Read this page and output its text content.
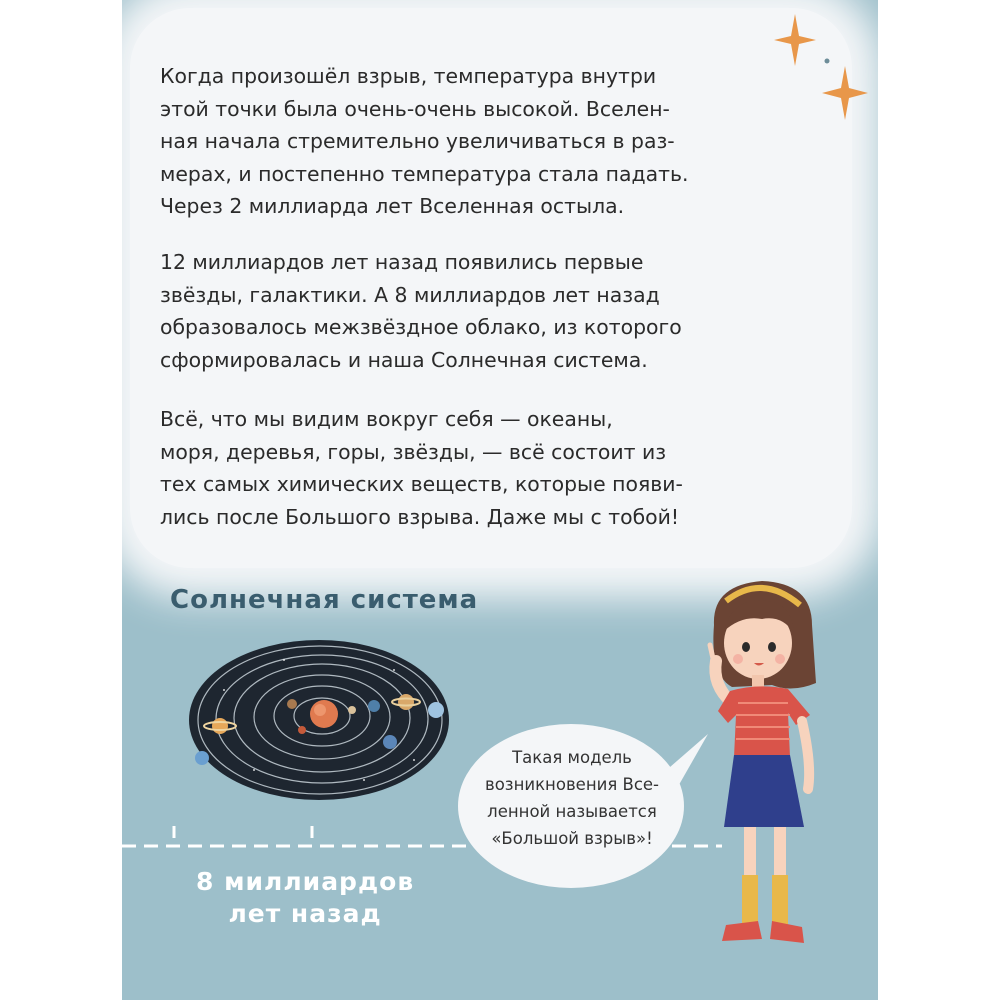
Когда произошёл взрыв, температура внутри
этой точки была очень-очень высокой. Вселен-
ная начала стремительно увеличиваться в раз-
мерах, и постепенно температура стала падать.
Через 2 миллиарда лет Вселенная остыла.

12 миллиардов лет назад появились первые
звёзды, галактики. А 8 миллиардов лет назад
образовалось межзвёздное облако, из которого
сформировалась и наша Солнечная система.

Всё, что мы видим вокруг себя — океаны,
моря, деревья, горы, звёзды, — всё состоит из
тех самых химических веществ, которые появи-
лись после Большого взрыва. Даже мы с тобой!

Солнечная система

8 миллиардов
лет назад

Такая модель
возникновения Все-
ленной называется
«Большой взрыв»!
